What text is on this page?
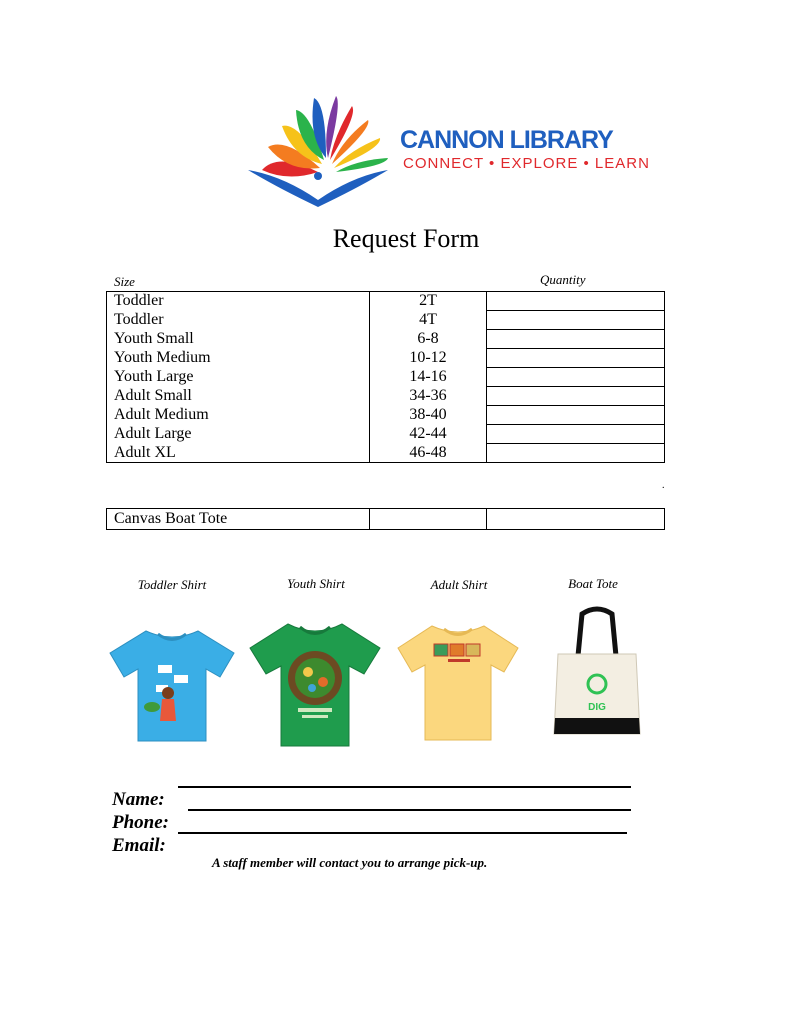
CANNON LIBRARY
CONNECT • EXPLORE • LEARN
Request Form
Size	Quantity
Toddler	2T	
Toddler	4T	
Youth Small	6-8	
Youth Medium	10-12	
Youth Large	14-16	
Adult Small	34-36	
Adult Medium	38-40	
Adult Large	42-44	
Adult XL	46-48	
.
Canvas Boat Tote		
Toddler Shirt	Youth Shirt	Adult Shirt	Boat Tote
DIG
Name:
Phone:
Email:
A staff member will contact you to arrange pick-up.
